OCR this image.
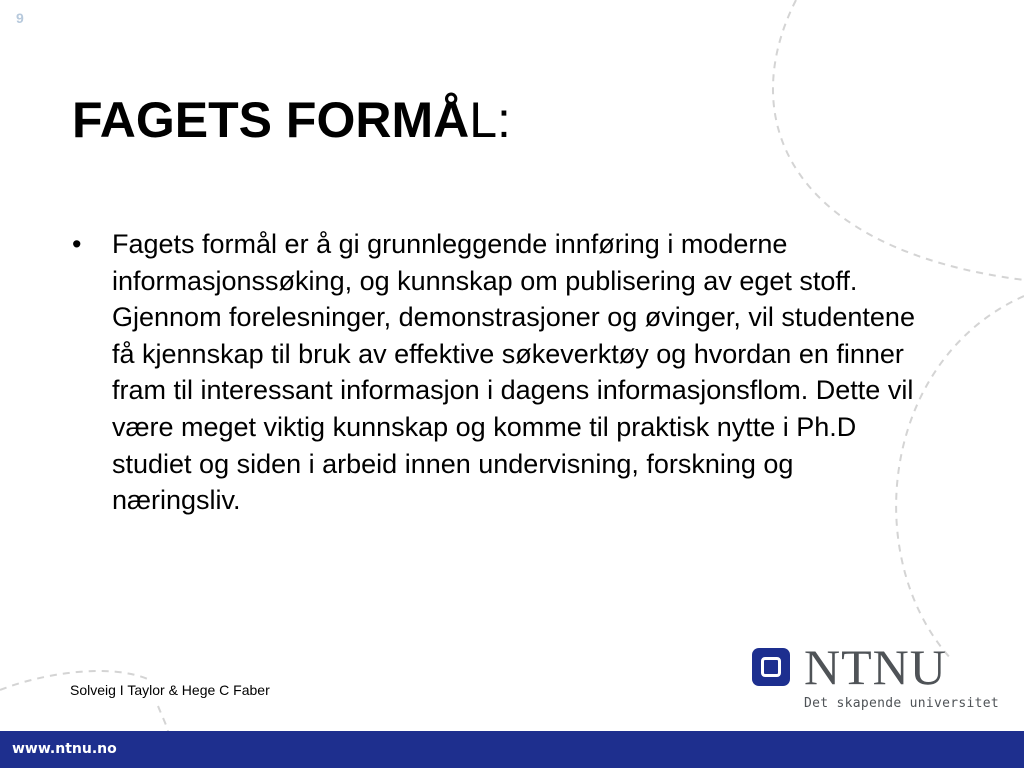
9
FAGETS FORMÅL:
•	Fagets formål er å gi grunnleggende innføring i moderne informasjonssøking, og kunnskap om publisering av eget stoff. Gjennom forelesninger, demonstrasjoner og øvinger, vil studentene få kjennskap til bruk av effektive søkeverktøy og hvordan en finner fram til interessant informasjon i dagens informasjonsflom. Dette vil være meget viktig kunnskap og komme til praktisk nytte i Ph.D studiet og siden i arbeid innen undervisning, forskning og næringsliv.
Solveig I Taylor & Hege C Faber	NTNU
Det skapende universitet
www.ntnu.no
